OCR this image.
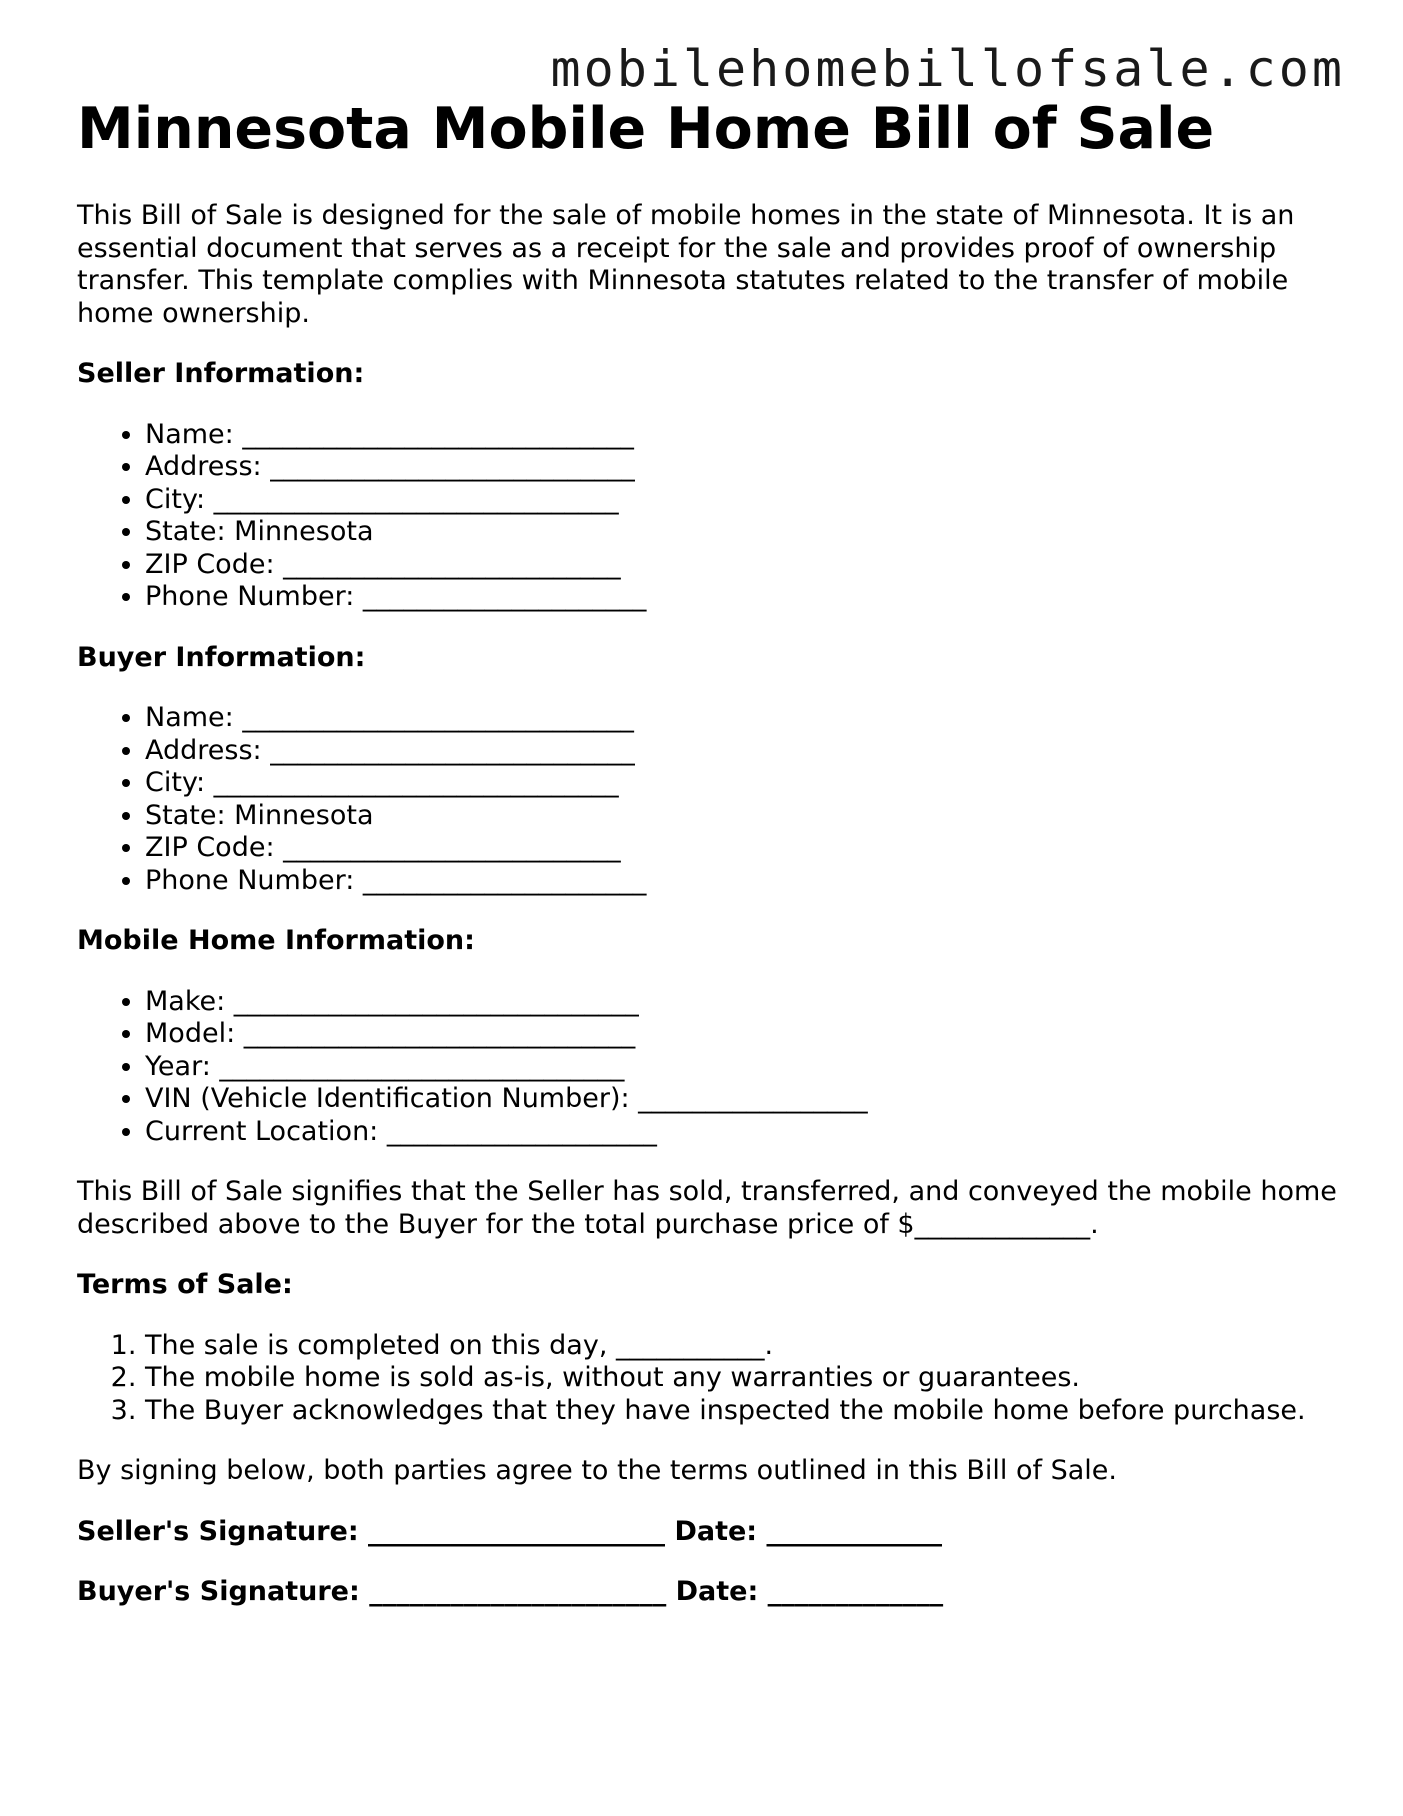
mobilehomebillofsale.com
Minnesota Mobile Home Bill of Sale

This Bill of Sale is designed for the sale of mobile homes in the state of Minnesota. It is an essential document that serves as a receipt for the sale and provides proof of ownership transfer. This template complies with Minnesota statutes related to the transfer of mobile home ownership.

Seller Information:

• Name: _____________________________
• Address: ___________________________
• City: ______________________________
• State: Minnesota
• ZIP Code: _________________________
• Phone Number: _____________________

Buyer Information:

• Name: _____________________________
• Address: ___________________________
• City: ______________________________
• State: Minnesota
• ZIP Code: _________________________
• Phone Number: _____________________

Mobile Home Information:

• Make: ______________________________
• Model: _____________________________
• Year: ______________________________
• VIN (Vehicle Identification Number): _________________
• Current Location: ____________________

This Bill of Sale signifies that the Seller has sold, transferred, and conveyed the mobile home described above to the Buyer for the total purchase price of $_____________.

Terms of Sale:

1. The sale is completed on this day, ___________.
2. The mobile home is sold as-is, without any warranties or guarantees.
3. The Buyer acknowledges that they have inspected the mobile home before purchase.

By signing below, both parties agree to the terms outlined in this Bill of Sale.

Seller's Signature: ______________________ Date: _____________

Buyer's Signature: ______________________ Date: _____________
